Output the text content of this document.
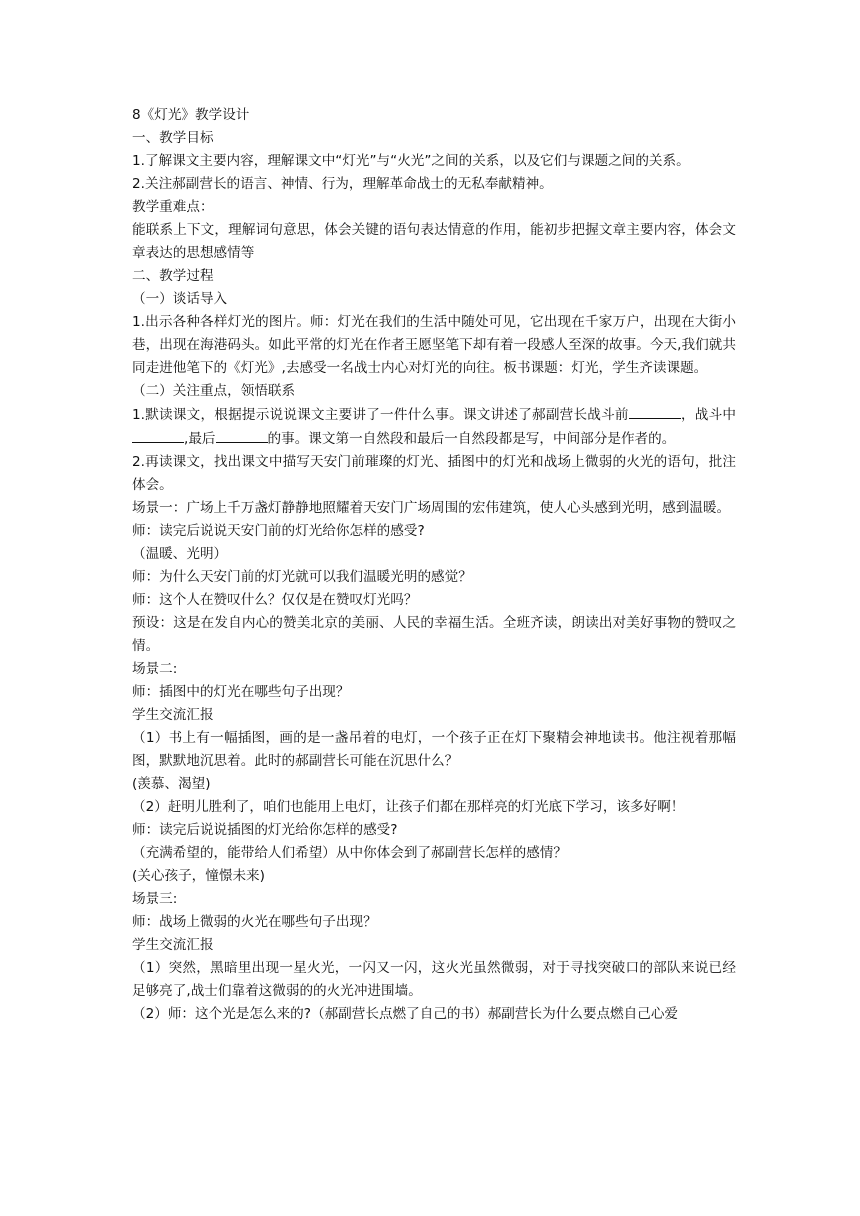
8《灯光》教学设计

一、教学目标

1.了解课文主要内容，理解课文中“灯光”与“火光”之间的关系，以及它们与课题之间的关系。

2.关注郝副营长的语言、神情、行为，理解革命战士的无私奉献精神。

教学重难点：

能联系上下文，理解词句意思，体会关键的语句表达情意的作用，能初步把握文章主要内容，体会文章表达的思想感情等

二、教学过程

（一）谈话导入

1.出示各种各样灯光的图片。师：灯光在我们的生活中随处可见，它出现在千家万户，出现在大街小巷，出现在海港码头。如此平常的灯光在作者王愿坚笔下却有着一段感人至深的故事。今天,我们就共同走进他笔下的《灯光》,去感受一名战士内心对灯光的向往。板书课题：灯光，学生齐读课题。

（二）关注重点，领悟联系

1.默读课文，根据提示说说课文主要讲了一件什么事。课文讲述了郝副营长战斗前	，战斗中,最后	的事。课文第一自然段和最后一自然段都是写，中间部分是作者的。

2.再读课文，找出课文中描写天安门前璀璨的灯光、插图中的灯光和战场上微弱的火光的语句，批注体会。

场景一：广场上千万盏灯静静地照耀着天安门广场周围的宏伟建筑，使人心头感到光明，感到温暖。

师：读完后说说天安门前的灯光给你怎样的感受?

（温暖、光明）

师：为什么天安门前的灯光就可以我们温暖光明的感觉？

师：这个人在赞叹什么？仅仅是在赞叹灯光吗？

预设：这是在发自内心的赞美北京的美丽、人民的幸福生活。全班齐读，朗读出对美好事物的赞叹之情。

场景二:

师：插图中的灯光在哪些句子出现？

学生交流汇报

（1）书上有一幅插图，画的是一盏吊着的电灯，一个孩子正在灯下聚精会神地读书。他注视着那幅图，默默地沉思着。此时的郝副营长可能在沉思什么？

(羡慕、渴望)

（2）赶明儿胜利了，咱们也能用上电灯，让孩子们都在那样亮的灯光底下学习，该多好啊！

师：读完后说说插图的灯光给你怎样的感受?

（充满希望的，能带给人们希望）从中你体会到了郝副营长怎样的感情？

(关心孩子，憧憬未来)

场景三:

师：战场上微弱的火光在哪些句子出现？

学生交流汇报

（1）突然，黑暗里出现一星火光，一闪又一闪，这火光虽然微弱，对于寻找突破口的部队来说已经足够亮了,战士们靠着这微弱的的火光冲进围墙。

（2）师：这个光是怎么来的?（郝副营长点燃了自己的书）郝副营长为什么要点燃自己心爱
